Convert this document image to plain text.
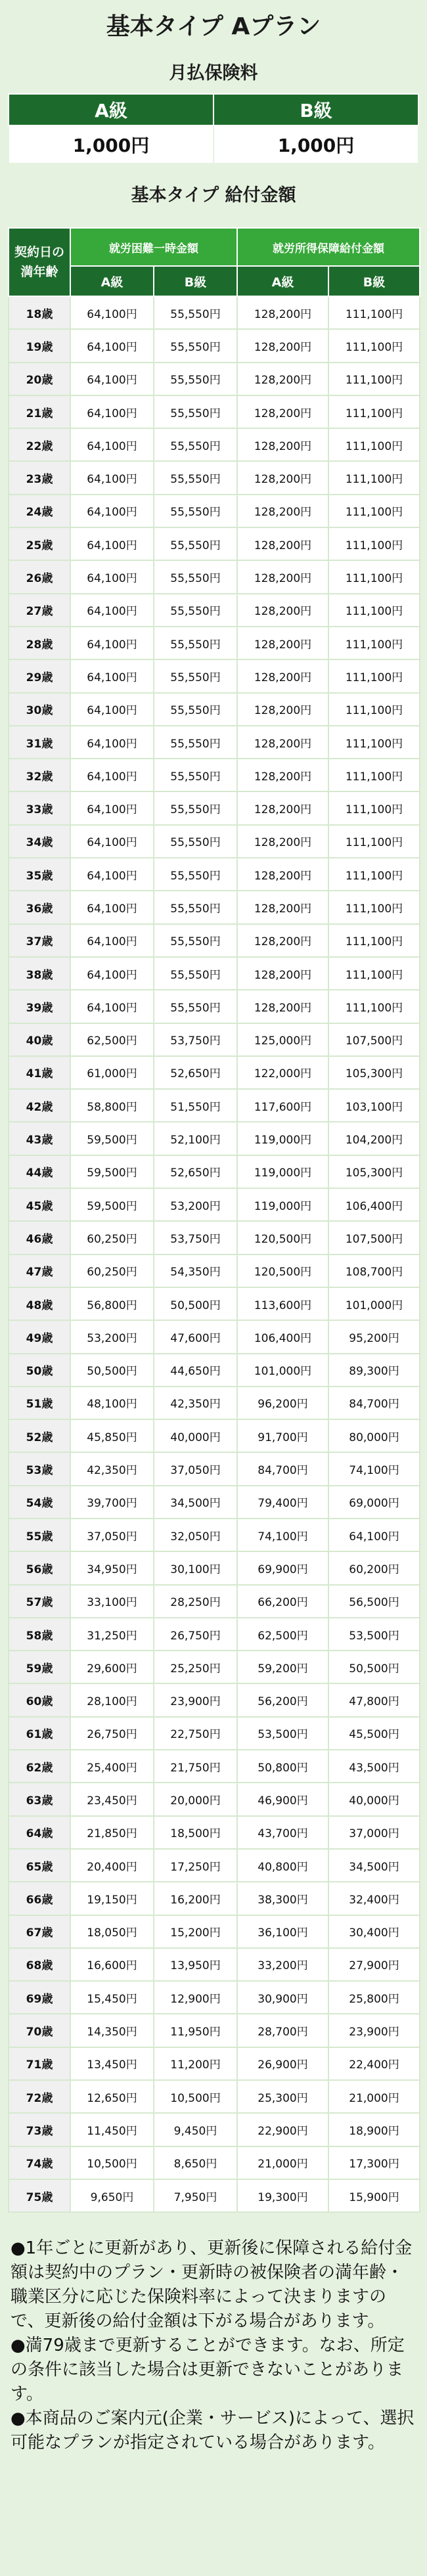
基本タイプ Aプラン
月払保険料
A級	B級
1,000円	1,000円
基本タイプ 給付金額
契約日の
満年齢	就労困難一時金額		就労所得保障給付金額	
	A級	B級	A級	B級
18歳	64,100円	55,550円	128,200円	111,100円
19歳	64,100円	55,550円	128,200円	111,100円
20歳	64,100円	55,550円	128,200円	111,100円
21歳	64,100円	55,550円	128,200円	111,100円
22歳	64,100円	55,550円	128,200円	111,100円
23歳	64,100円	55,550円	128,200円	111,100円
24歳	64,100円	55,550円	128,200円	111,100円
25歳	64,100円	55,550円	128,200円	111,100円
26歳	64,100円	55,550円	128,200円	111,100円
27歳	64,100円	55,550円	128,200円	111,100円
28歳	64,100円	55,550円	128,200円	111,100円
29歳	64,100円	55,550円	128,200円	111,100円
30歳	64,100円	55,550円	128,200円	111,100円
31歳	64,100円	55,550円	128,200円	111,100円
32歳	64,100円	55,550円	128,200円	111,100円
33歳	64,100円	55,550円	128,200円	111,100円
34歳	64,100円	55,550円	128,200円	111,100円
35歳	64,100円	55,550円	128,200円	111,100円
36歳	64,100円	55,550円	128,200円	111,100円
37歳	64,100円	55,550円	128,200円	111,100円
38歳	64,100円	55,550円	128,200円	111,100円
39歳	64,100円	55,550円	128,200円	111,100円
40歳	62,500円	53,750円	125,000円	107,500円
41歳	61,000円	52,650円	122,000円	105,300円
42歳	58,800円	51,550円	117,600円	103,100円
43歳	59,500円	52,100円	119,000円	104,200円
44歳	59,500円	52,650円	119,000円	105,300円
45歳	59,500円	53,200円	119,000円	106,400円
46歳	60,250円	53,750円	120,500円	107,500円
47歳	60,250円	54,350円	120,500円	108,700円
48歳	56,800円	50,500円	113,600円	101,000円
49歳	53,200円	47,600円	106,400円	95,200円
50歳	50,500円	44,650円	101,000円	89,300円
51歳	48,100円	42,350円	96,200円	84,700円
52歳	45,850円	40,000円	91,700円	80,000円
53歳	42,350円	37,050円	84,700円	74,100円
54歳	39,700円	34,500円	79,400円	69,000円
55歳	37,050円	32,050円	74,100円	64,100円
56歳	34,950円	30,100円	69,900円	60,200円
57歳	33,100円	28,250円	66,200円	56,500円
58歳	31,250円	26,750円	62,500円	53,500円
59歳	29,600円	25,250円	59,200円	50,500円
60歳	28,100円	23,900円	56,200円	47,800円
61歳	26,750円	22,750円	53,500円	45,500円
62歳	25,400円	21,750円	50,800円	43,500円
63歳	23,450円	20,000円	46,900円	40,000円
64歳	21,850円	18,500円	43,700円	37,000円
65歳	20,400円	17,250円	40,800円	34,500円
66歳	19,150円	16,200円	38,300円	32,400円
67歳	18,050円	15,200円	36,100円	30,400円
68歳	16,600円	13,950円	33,200円	27,900円
69歳	15,450円	12,900円	30,900円	25,800円
70歳	14,350円	11,950円	28,700円	23,900円
71歳	13,450円	11,200円	26,900円	22,400円
72歳	12,650円	10,500円	25,300円	21,000円
73歳	11,450円	9,450円	22,900円	18,900円
74歳	10,500円	8,650円	21,000円	17,300円
75歳	9,650円	7,950円	19,300円	15,900円

●1年ごとに更新があり、更新後に保障される給付金額は契約中のプラン・更新時の被保険者の満年齢・職業区分に応じた保険料率によって決まりますので、更新後の給付金額は下がる場合があります。

●満79歳まで更新することができます。なお、所定の条件に該当した場合は更新できないことがあります。

●本商品のご案内元(企業・サービス)によって、選択可能なプランが指定されている場合があります。
